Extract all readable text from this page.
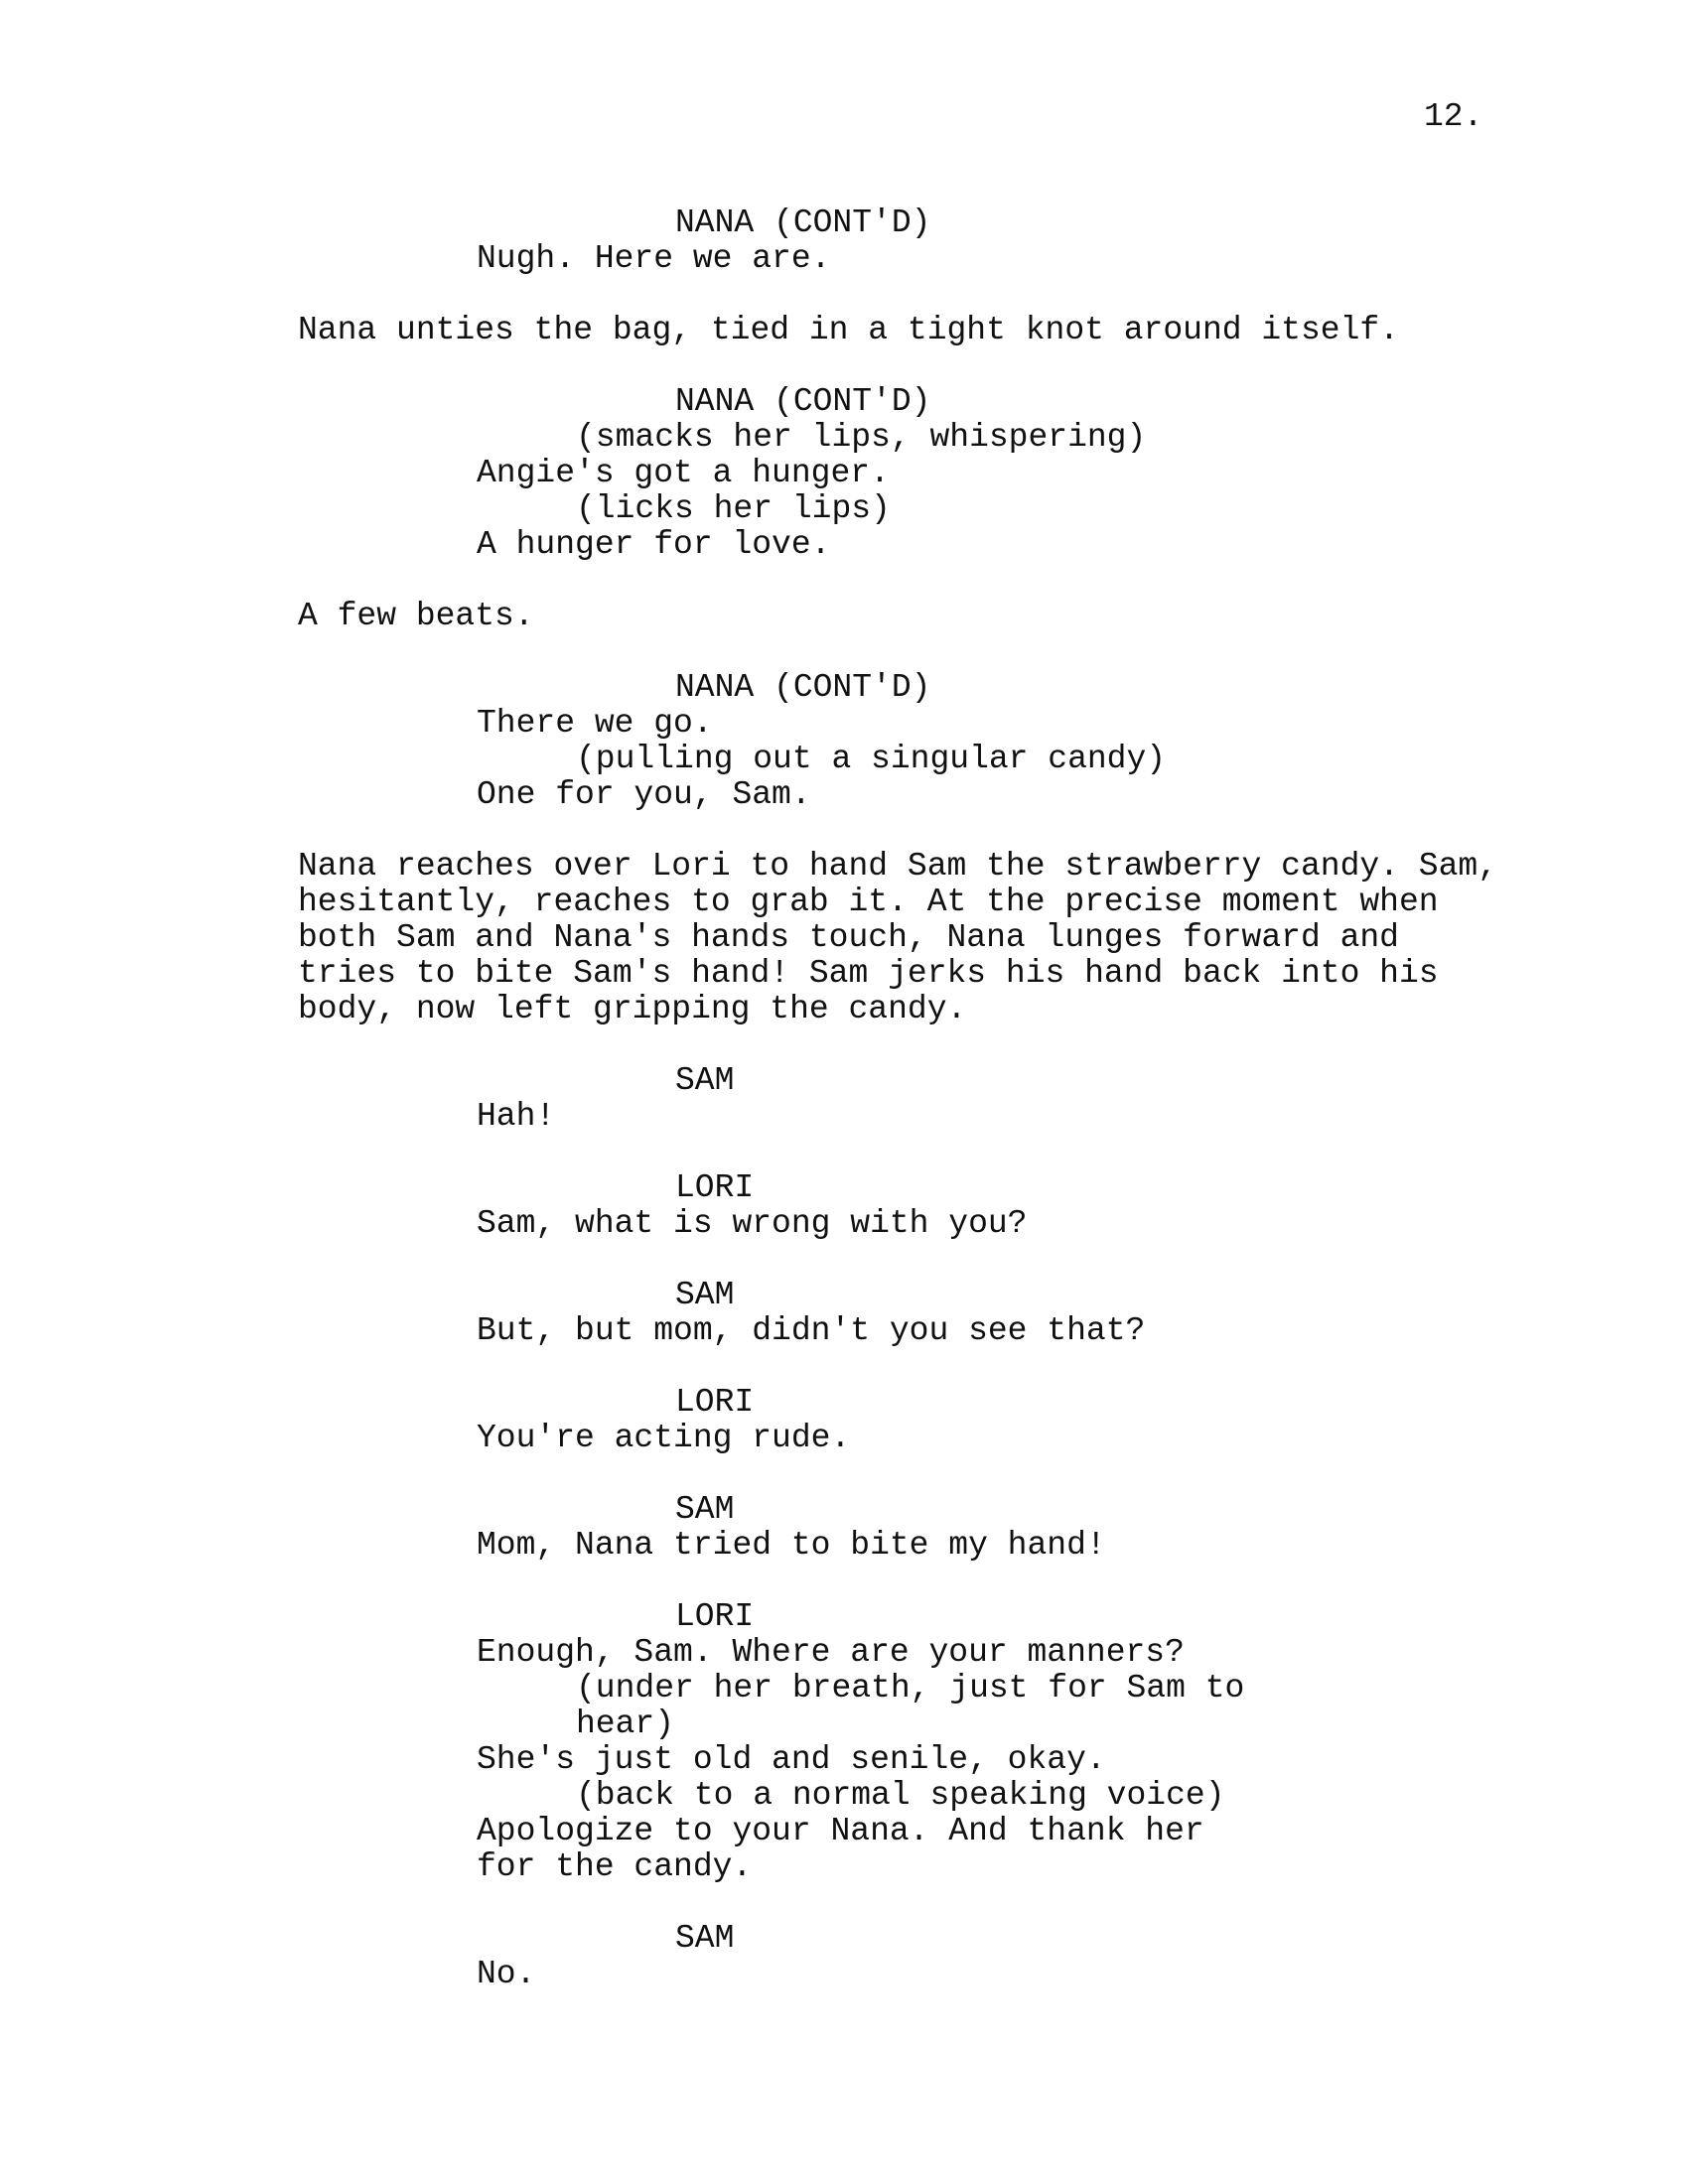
12.
NANA (CONT'D)
Nugh. Here we are.
Nana unties the bag, tied in a tight knot around itself.
NANA (CONT'D)
(smacks her lips, whispering)
Angie's got a hunger.
(licks her lips)
A hunger for love.
A few beats.
NANA (CONT'D)
There we go.
(pulling out a singular candy)
One for you, Sam.
Nana reaches over Lori to hand Sam the strawberry candy. Sam,
hesitantly, reaches to grab it. At the precise moment when
both Sam and Nana's hands touch, Nana lunges forward and
tries to bite Sam's hand! Sam jerks his hand back into his
body, now left gripping the candy.
SAM
Hah!
LORI
Sam, what is wrong with you?
SAM
But, but mom, didn't you see that?
LORI
You're acting rude.
SAM
Mom, Nana tried to bite my hand!
LORI
Enough, Sam. Where are your manners?
(under her breath, just for Sam to
hear)
She's just old and senile, okay.
(back to a normal speaking voice)
Apologize to your Nana. And thank her
for the candy.
SAM
No.
